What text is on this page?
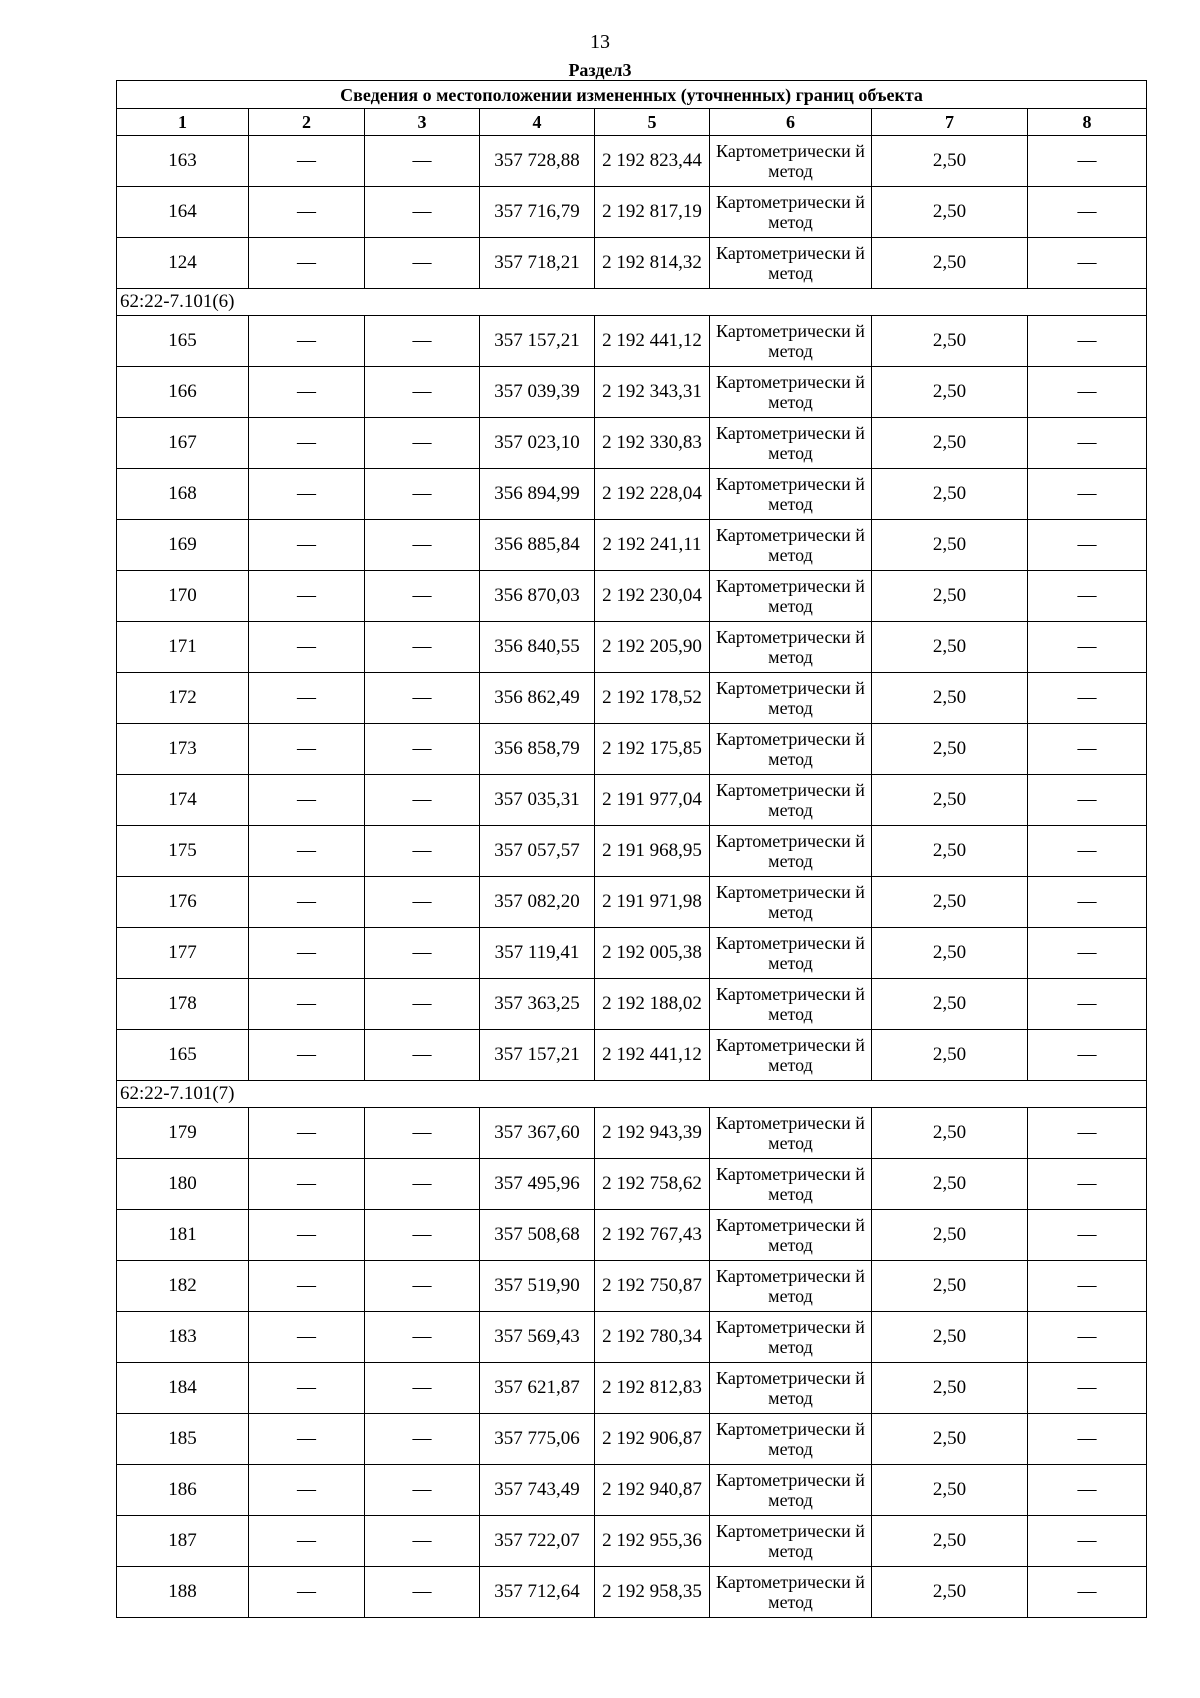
13
Раздел3
Сведения о местоположении измененных (уточненных) границ объекта							
1	2	3	4	5	6	7	8
163	—	—	357 728,88	2 192 823,44	Картометрически й метод	2,50	—
164	—	—	357 716,79	2 192 817,19	Картометрически й метод	2,50	—
124	—	—	357 718,21	2 192 814,32	Картометрически й метод	2,50	—
62:22-7.101(6)							
165	—	—	357 157,21	2 192 441,12	Картометрически й метод	2,50	—
166	—	—	357 039,39	2 192 343,31	Картометрически й метод	2,50	—
167	—	—	357 023,10	2 192 330,83	Картометрически й метод	2,50	—
168	—	—	356 894,99	2 192 228,04	Картометрически й метод	2,50	—
169	—	—	356 885,84	2 192 241,11	Картометрически й метод	2,50	—
170	—	—	356 870,03	2 192 230,04	Картометрически й метод	2,50	—
171	—	—	356 840,55	2 192 205,90	Картометрически й метод	2,50	—
172	—	—	356 862,49	2 192 178,52	Картометрически й метод	2,50	—
173	—	—	356 858,79	2 192 175,85	Картометрически й метод	2,50	—
174	—	—	357 035,31	2 191 977,04	Картометрически й метод	2,50	—
175	—	—	357 057,57	2 191 968,95	Картометрически й метод	2,50	—
176	—	—	357 082,20	2 191 971,98	Картометрически й метод	2,50	—
177	—	—	357 119,41	2 192 005,38	Картометрически й метод	2,50	—
178	—	—	357 363,25	2 192 188,02	Картометрически й метод	2,50	—
165	—	—	357 157,21	2 192 441,12	Картометрически й метод	2,50	—
62:22-7.101(7)							
179	—	—	357 367,60	2 192 943,39	Картометрически й метод	2,50	—
180	—	—	357 495,96	2 192 758,62	Картометрически й метод	2,50	—
181	—	—	357 508,68	2 192 767,43	Картометрически й метод	2,50	—
182	—	—	357 519,90	2 192 750,87	Картометрически й метод	2,50	—
183	—	—	357 569,43	2 192 780,34	Картометрически й метод	2,50	—
184	—	—	357 621,87	2 192 812,83	Картометрически й метод	2,50	—
185	—	—	357 775,06	2 192 906,87	Картометрически й метод	2,50	—
186	—	—	357 743,49	2 192 940,87	Картометрически й метод	2,50	—
187	—	—	357 722,07	2 192 955,36	Картометрически й метод	2,50	—
188	—	—	357 712,64	2 192 958,35	Картометрически й метод	2,50	—
